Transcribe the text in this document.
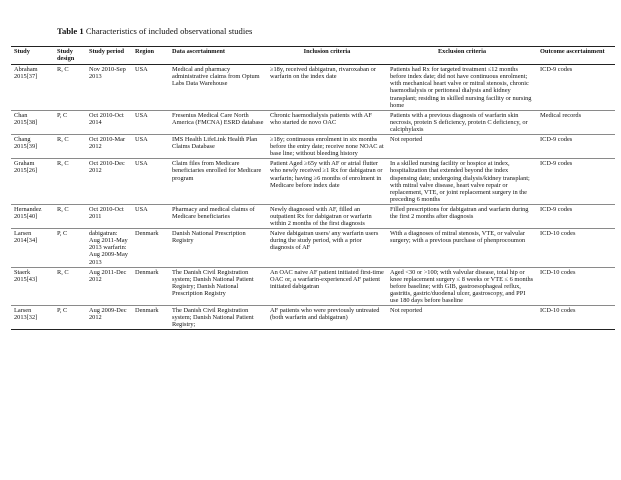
Table 1 Characteristics of included observational studies
Study	Study design	Study period	Region	Data ascertainment	Inclusion criteria	Exclusion criteria	Outcome ascertainment
Abraham 2015[37]	R, C	Nov 2010-Sep 2013	USA	Medical and pharmacy administrative claims from Optum Labs Data Warehouse	≥18y, received dabigatran, rivaroxaban or warfarin on the index date	Patients had Rx for targeted treatment ≤12 months before index date; did not have continuous enrolment; with mechanical heart valve or mitral stenosis, chronic haemodialysis or peritoneal dialysis and kidney transplant; residing in skilled nursing facility or nursing home	ICD-9 codes
Chan 2015[38]	P, C	Oct 2010-Oct 2014	USA	Fresenius Medical Care North America (FMCNA) ESRD database	Chronic haemodialysis patients with AF who started de novo OAC	Patients with a previous diagnosis of warfarin skin necrosis, protein S deficiency, protein C deficiency, or calciphylaxis	Medical records
Chang 2015[39]	R, C	Oct 2010-Mar 2012	USA	IMS Health LifeLink Health Plan Claims Database	≥18y; continuous enrolment in six months before the entry date; receive none NOAC at base line; without bleeding history	Not reported	ICD-9 codes
Graham 2015[26]	R, C	Oct 2010-Dec 2012	USA	Claim files from Medicare beneficiaries enrolled for Medicare program	Patient Aged ≥65y with AF or atrial flutter who newly received ≥1 Rx for dabigatran or warfarin; having ≥6 months of enrolment in Medicare before index date	In a skilled nursing facility or hospice at index, hospitalization that extended beyond the index dispensing date; undergoing dialysis/kidney transplant; with mitral valve disease, heart valve repair or replacement, VTE, or joint replacement surgery in the preceding 6 months	ICD-9 codes
Hernandez 2015[40]	R, C	Oct 2010-Oct 2011	USA	Pharmacy and medical claims of Medicare beneficiaries	Newly diagnosed with AF, filled an outpatient Rx for dabigatran or warfarin within 2 months of the first diagnosis	Filled prescriptions for dabigatran and warfarin during the first 2 months after diagnosis	ICD-9 codes
Larsen 2014[34]	P, C	dabigatran: Aug 2011-May 2013 warfarin: Aug 2009-May 2013	Denmark	Danish National Prescription Registry	Naive dabigatran users/ any warfarin users during the study period, with a prior diagnosis of AF	With a diagnoses of mitral stenosis, VTE, or valvular surgery; with a previous purchase of phenprocoumon	ICD-10 codes
Staerk 2015[43]	R, C	Aug 2011-Dec 2012	Denmark	The Danish Civil Registration system; Danish National Patient Registry; Danish National Prescription Registry	An OAC naive AF patient initiated first-time OAC or, a warfarin-experienced AF patient initiated dabigatran	Aged <30 or >100; with valvular disease, total hip or knee replacement surgery ≤ 8 weeks or VTE ≤ 6 months before baseline; with GIB, gastroesophageal reflux, gastritis, gastric/duodenal ulcer, gastroscopy, and PPI use 180 days before baseline	ICD-10 codes
Larsen 2013[32]	P, C	Aug 2009-Dec 2012	Denmark	The Danish Civil Registration system; Danish National Patient Registry;	AF patients who were previously untreated (both warfarin and dabigatran)	Not reported	ICD-10 codes
